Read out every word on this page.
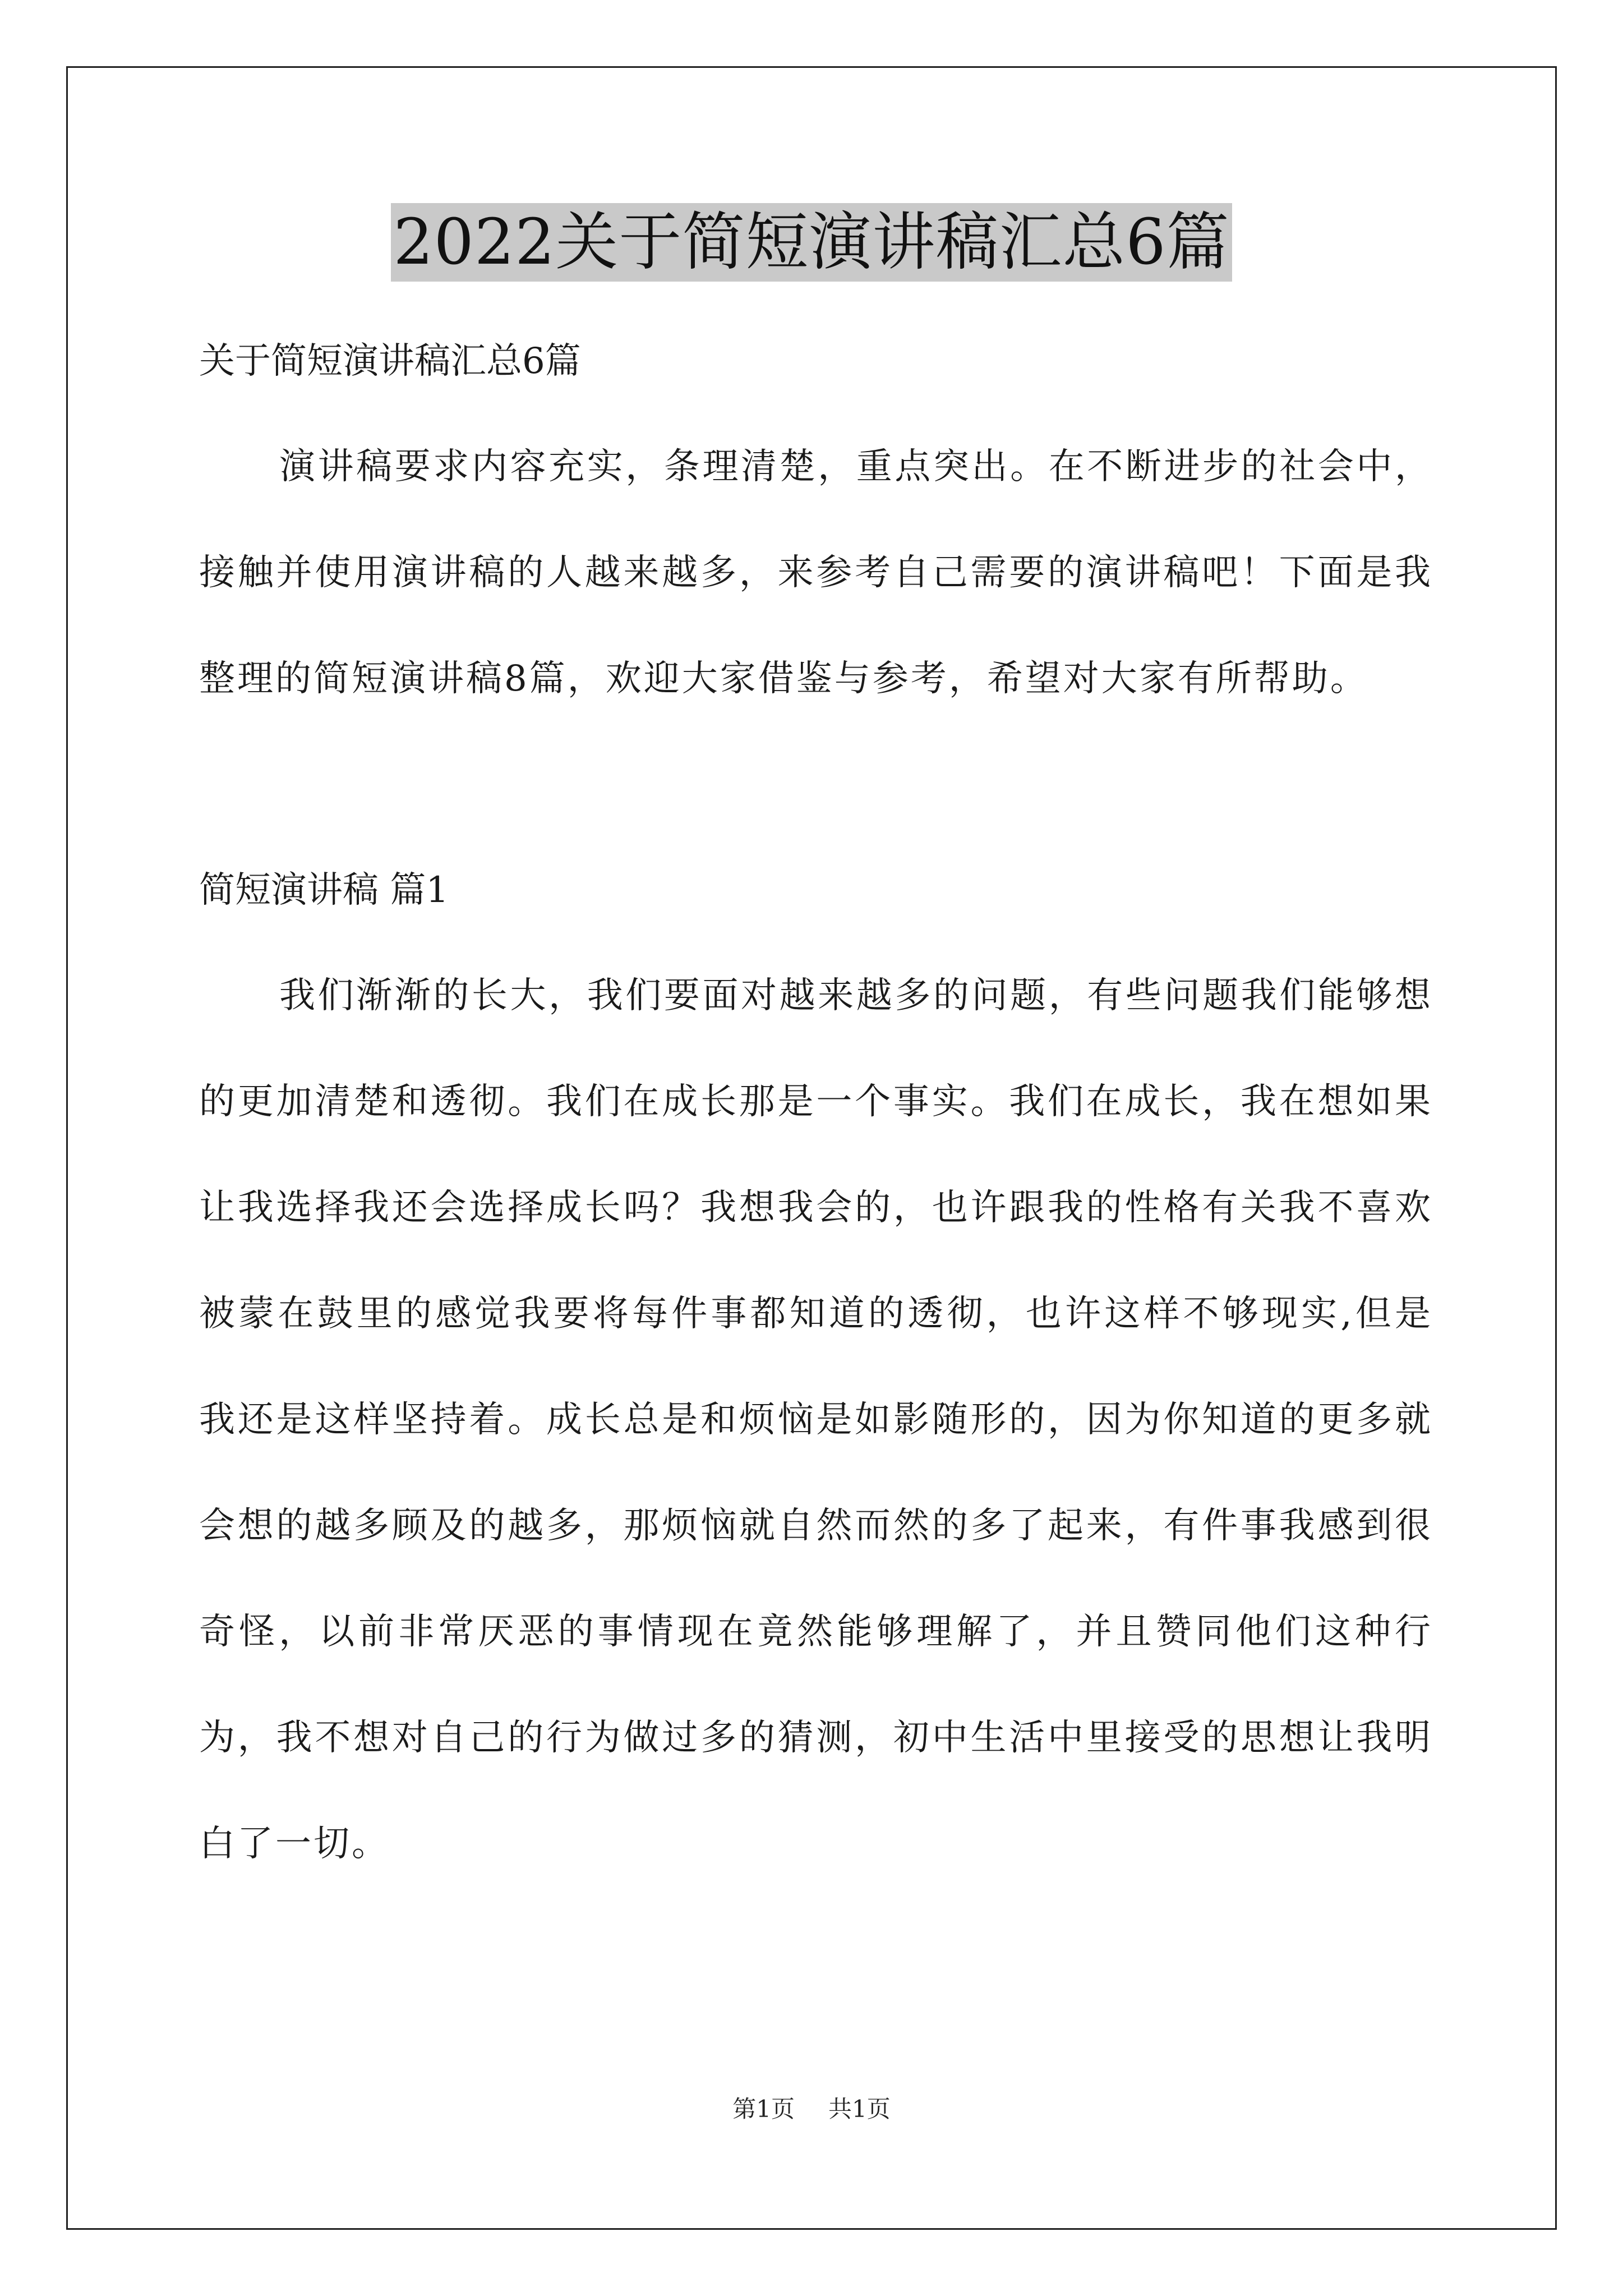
2022关于简短演讲稿汇总6篇

关于简短演讲稿汇总6篇

演讲稿要求内容充实，条理清楚，重点突出。在不断进步的社会中，接触并使用演讲稿的人越来越多，来参考自己需要的演讲稿吧！下面是我整理的简短演讲稿8篇，欢迎大家借鉴与参考，希望对大家有所帮助。

简短演讲稿 篇1

我们渐渐的长大，我们要面对越来越多的问题，有些问题我们能够想的更加清楚和透彻。我们在成长那是一个事实。我们在成长，我在想如果让我选择我还会选择成长吗？我想我会的，也许跟我的性格有关我不喜欢被蒙在鼓里的感觉我要将每件事都知道的透彻，也许这样不够现实,但是我还是这样坚持着。成长总是和烦恼是如影随形的，因为你知道的更多就会想的越多顾及的越多，那烦恼就自然而然的多了起来，有件事我感到很奇怪，以前非常厌恶的事情现在竟然能够理解了，并且赞同他们这种行为，我不想对自己的行为做过多的猜测，初中生活中里接受的思想让我明白了一切。

第1页 共1页
